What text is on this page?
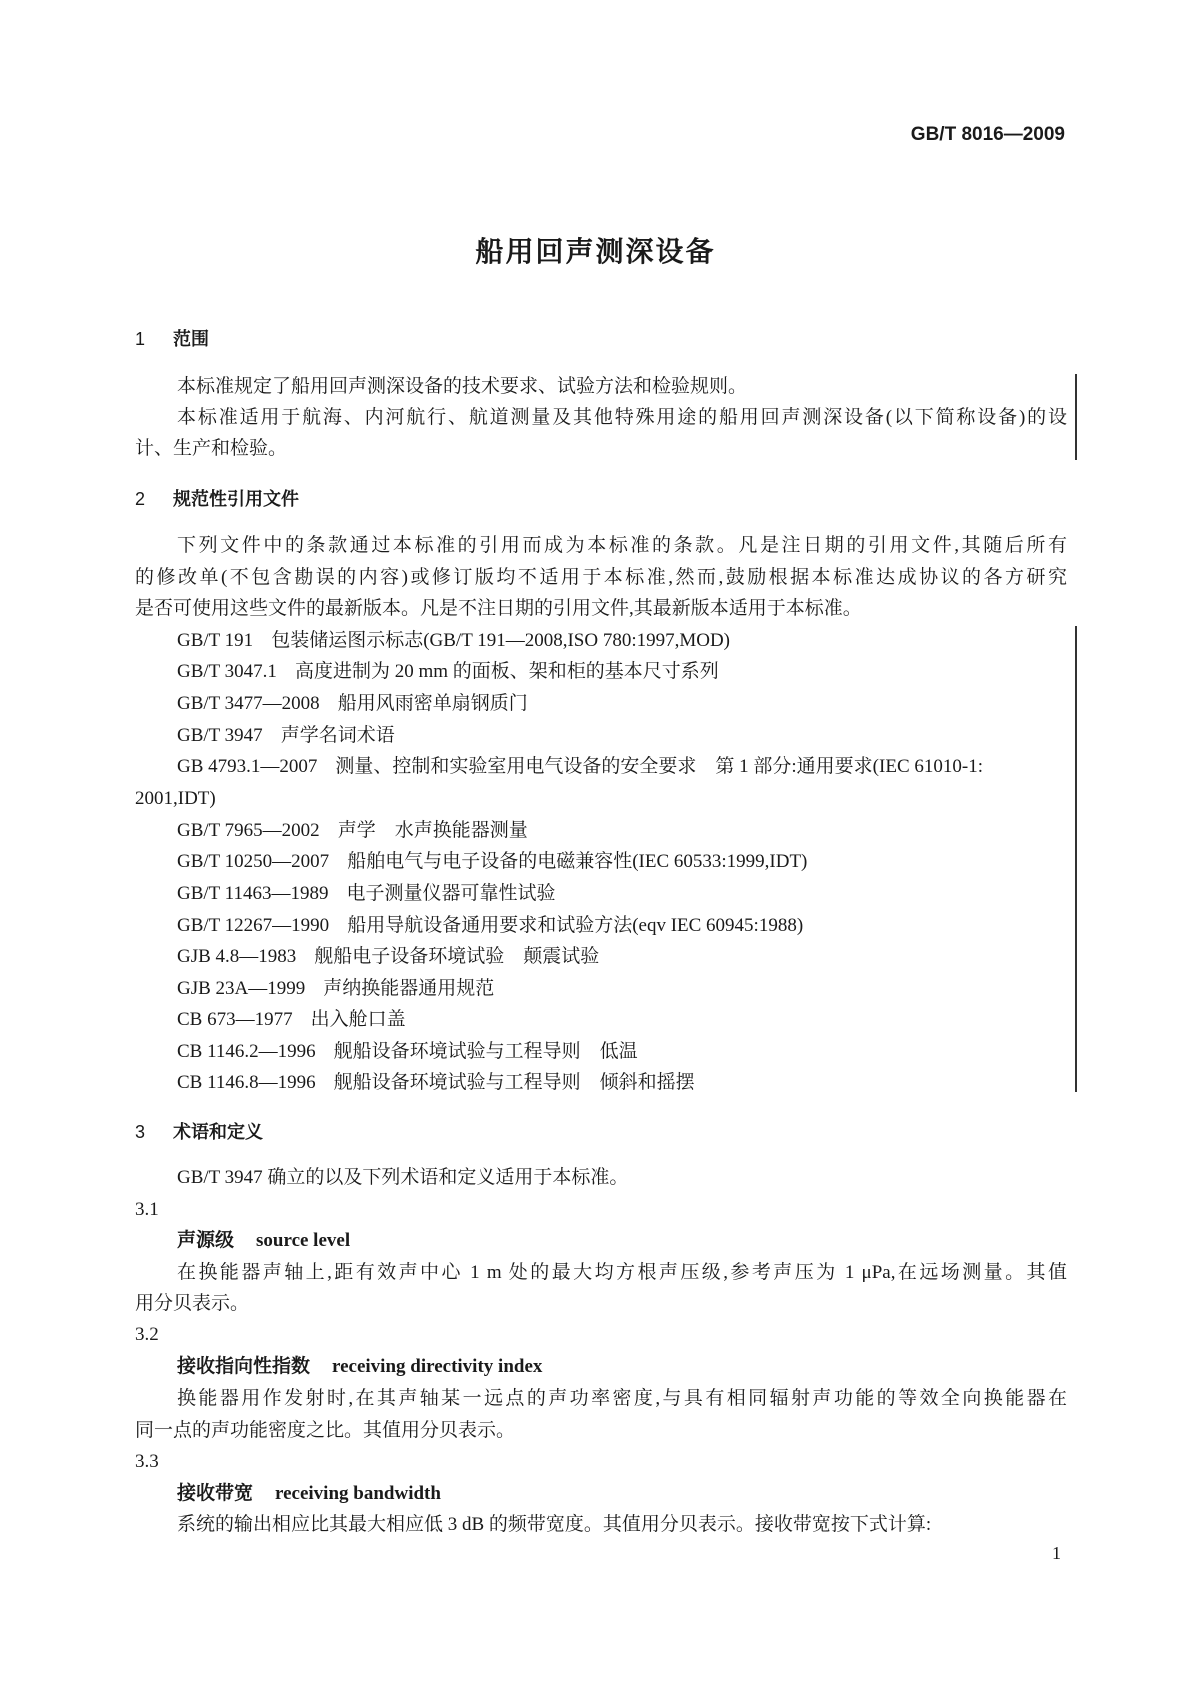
GB/T 8016—2009
船用回声测深设备
1 范围
本标准规定了船用回声测深设备的技术要求、试验方法和检验规则。
本标准适用于航海、内河航行、航道测量及其他特殊用途的船用回声测深设备(以下简称设备)的设
计、生产和检验。
2 规范性引用文件
下列文件中的条款通过本标准的引用而成为本标准的条款。凡是注日期的引用文件,其随后所有
的修改单(不包含勘误的内容)或修订版均不适用于本标准,然而,鼓励根据本标准达成协议的各方研究
是否可使用这些文件的最新版本。凡是不注日期的引用文件,其最新版本适用于本标准。
GB/T 191 包装储运图示标志(GB/T 191—2008,ISO 780:1997,MOD)
GB/T 3047.1 高度进制为 20 mm 的面板、架和柜的基本尺寸系列
GB/T 3477—2008 船用风雨密单扇钢质门
GB/T 3947 声学名词术语
GB 4793.1—2007 测量、控制和实验室用电气设备的安全要求　第 1 部分:通用要求(IEC 61010-1:
2001,IDT)
GB/T 7965—2002 声学　水声换能器测量
GB/T 10250—2007 船舶电气与电子设备的电磁兼容性(IEC 60533:1999,IDT)
GB/T 11463—1989 电子测量仪器可靠性试验
GB/T 12267—1990 船用导航设备通用要求和试验方法(eqv IEC 60945:1988)
GJB 4.8—1983 舰船电子设备环境试验　颠震试验
GJB 23A—1999 声纳换能器通用规范
CB 673—1977 出入舱口盖
CB 1146.2—1996 舰船设备环境试验与工程导则　低温
CB 1146.8—1996 舰船设备环境试验与工程导则　倾斜和摇摆
3 术语和定义
GB/T 3947 确立的以及下列术语和定义适用于本标准。
3.1
声源级 source level
在换能器声轴上,距有效声中心 1 m 处的最大均方根声压级,参考声压为 1 μPa,在远场测量。其值
用分贝表示。
3.2
接收指向性指数 receiving directivity index
换能器用作发射时,在其声轴某一远点的声功率密度,与具有相同辐射声功能的等效全向换能器在
同一点的声功能密度之比。其值用分贝表示。
3.3
接收带宽 receiving bandwidth
系统的输出相应比其最大相应低 3 dB 的频带宽度。其值用分贝表示。接收带宽按下式计算:
1
